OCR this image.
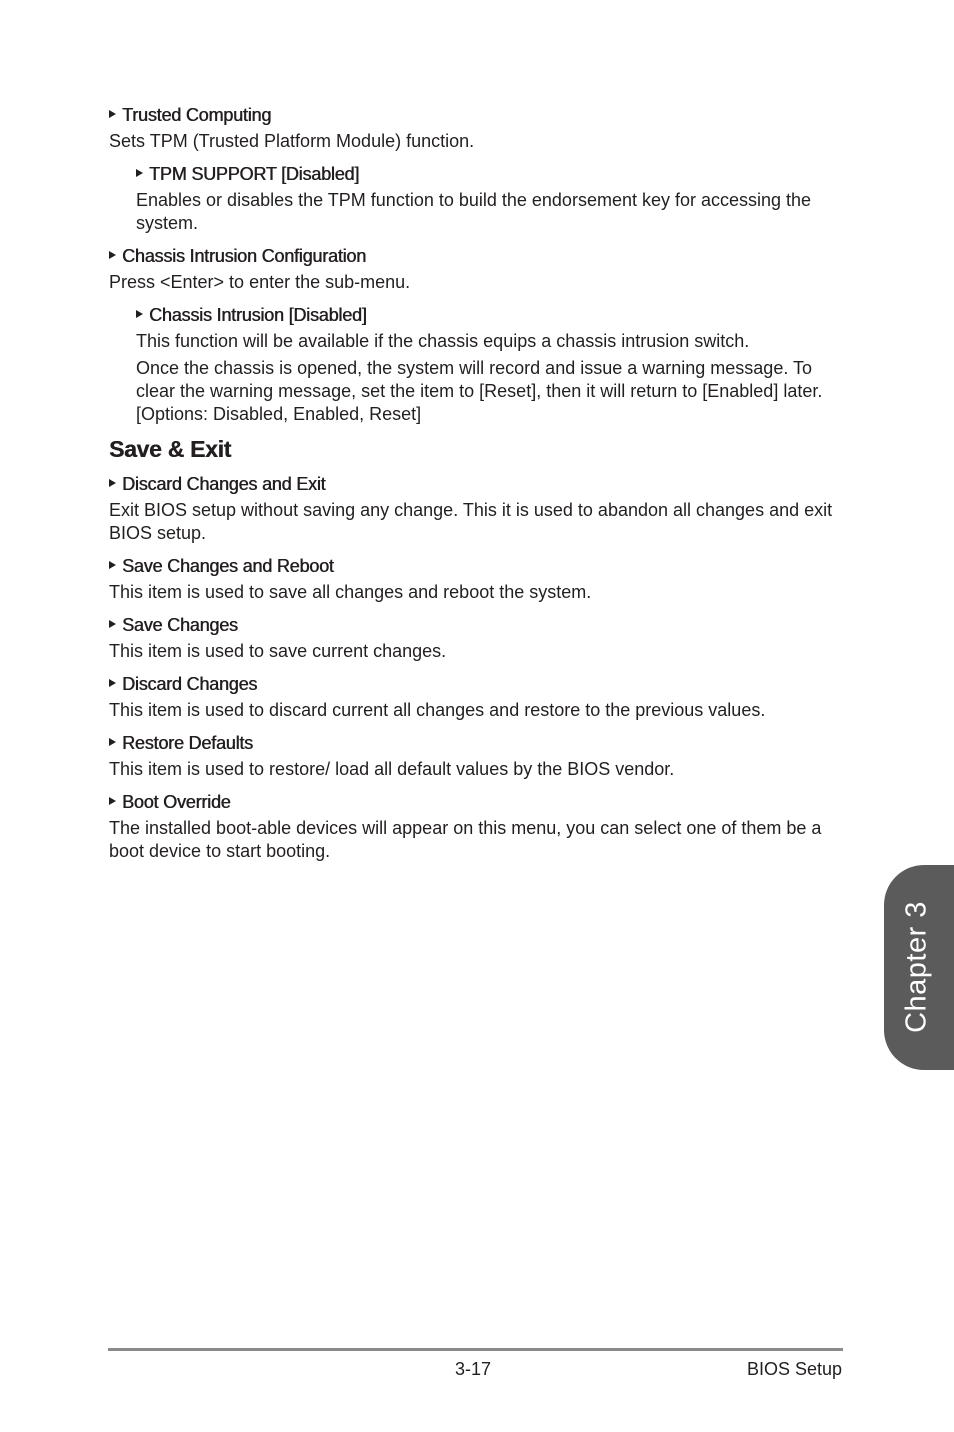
Trusted Computing

Sets TPM (Trusted Platform Module) function.

TPM SUPPORT [Disabled]

Enables or disables the TPM function to build the endorsement key for accessing the system.

Chassis Intrusion Configuration

Press <Enter> to enter the sub-menu.

Chassis Intrusion [Disabled]

This function will be available if the chassis equips a chassis intrusion switch.

Once the chassis is opened, the system will record and issue a warning message. To clear the warning message, set the item to [Reset], then it will return to [Enabled] later. [Options: Disabled, Enabled, Reset]

Save & Exit

Discard Changes and Exit

Exit BIOS setup without saving any change. This it is used to abandon all changes and exit BIOS setup.

Save Changes and Reboot

This item is used to save all changes and reboot the system.

Save Changes

This item is used to save current changes.

Discard Changes

This item is used to discard current all changes and restore to the previous values.

Restore Defaults

This item is used to restore/ load all default values by the BIOS vendor.

Boot Override

The installed boot-able devices will appear on this menu, you can select one of them be a boot device to start booting.

Chapter 3
3-17	BIOS Setup
